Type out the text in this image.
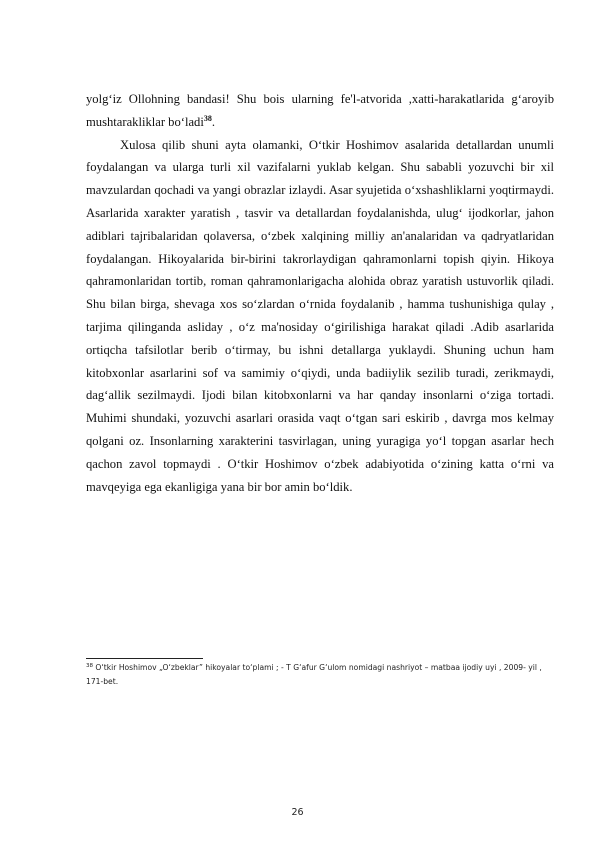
yolg‘iz Ollohning bandasi! Shu bois ularning fe'l-atvorida ,xatti-harakatlarida g‘aroyib mushtarakliklar bo‘ladi$^{38}$.

Xulosa qilib shuni ayta olamanki, O‘tkir Hoshimov asalarida detallardan unumli foydalangan va ularga turli xil vazifalarni yuklab kelgan. Shu sababli yozuvchi bir xil mavzulardan qochadi va yangi obrazlar izlaydi. Asar syujetida o‘xshashliklarni yoqtirmaydi. Asarlarida xarakter yaratish , tasvir va detallardan foydalanishda, ulug‘ ijodkorlar, jahon adiblari tajribalaridan qolaversa, o‘zbek xalqining milliy an'analaridan va qadryatlaridan foydalangan. Hikoyalarida bir-birini takrorlaydigan qahramonlarni topish qiyin. Hikoya qahramonlaridan tortib, roman qahramonlarigacha alohida obraz yaratish ustuvorlik qiladi. Shu bilan birga, shevaga xos so‘zlardan o‘rnida foydalanib , hamma tushunishiga qulay , tarjima qilinganda asliday , o‘z ma'nosiday o‘girilishiga harakat qiladi .Adib asarlarida ortiqcha tafsilotlar berib o‘tirmay, bu ishni detallarga yuklaydi. Shuning uchun ham kitobxonlar asarlarini sof va samimiy o‘qiydi, unda badiiylik sezilib turadi, zerikmaydi, dag‘allik sezilmaydi. Ijodi bilan kitobxonlarni va har qanday insonlarni o‘ziga tortadi. Muhimi shundaki, yozuvchi asarlari orasida vaqt o‘tgan sari eskirib , davrga mos kelmay qolgani oz. Insonlarning xarakterini tasvirlagan, uning yuragiga yo‘l topgan asarlar hech qachon zavol topmaydi . O‘tkir Hoshimov o‘zbek adabiyotida o‘zining katta o‘rni va mavqeyiga ega ekanligiga yana bir bor amin bo‘ldik.

$^{38}$ O‘tkir Hoshimov „O‘zbeklar” hikoyalar to‘plami ; - T G‘afur G‘ulom nomidagi nashriyot – matbaa ijodiy uyi , 2009- yil , 171-bet.
26
